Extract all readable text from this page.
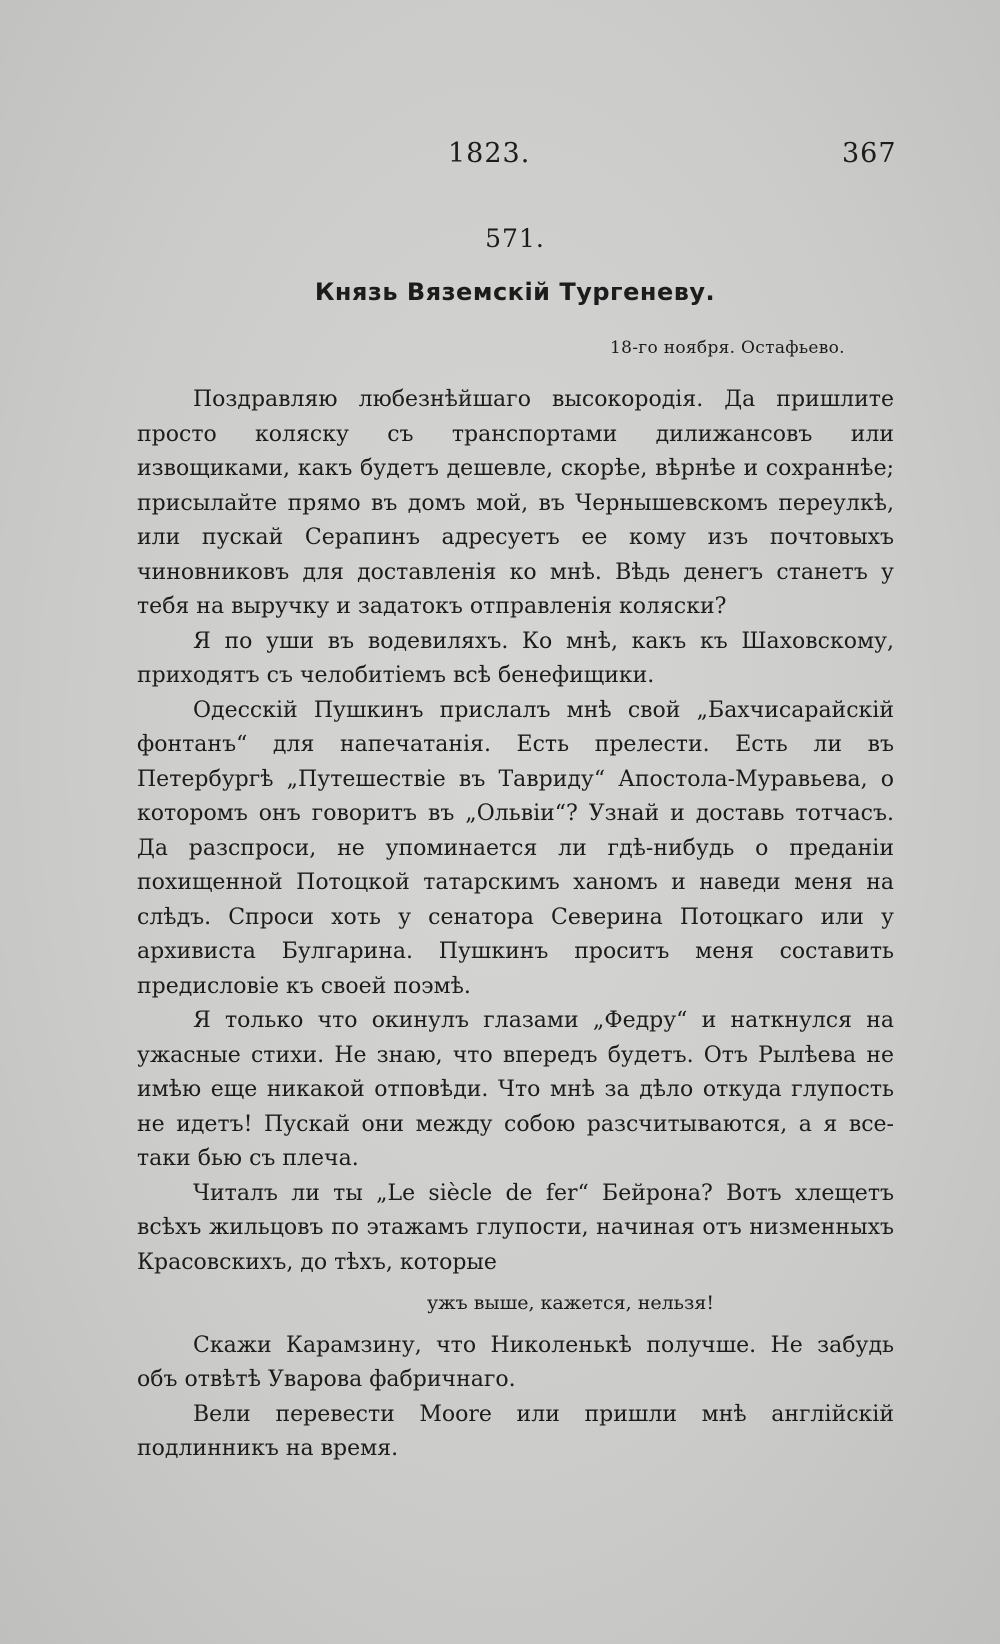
1823.	367
571.
Князь Вяземскій Тургеневу.
18-го ноября. Остафьево.

Поздравляю любезнѣйшаго высокородія. Да пришлите просто коляску съ транспортами дилижансовъ или извощиками, какъ будетъ дешевле, скорѣе, вѣрнѣе и сохраннѣе; присылайте прямо въ домъ мой, въ Чернышевскомъ переулкѣ, или пускай Серапинъ адресуетъ ее кому изъ почтовыхъ чиновниковъ для доставленія ко мнѣ. Вѣдь денегъ станетъ у тебя на выручку и задатокъ отправленія коляски?

Я по уши въ водевиляхъ. Ко мнѣ, какъ къ Шаховскому, приходятъ съ челобитіемъ всѣ бенефищики.

Одесскій Пушкинъ прислалъ мнѣ свой „Бахчисарайскій фонтанъ“ для напечатанія. Есть прелести. Есть ли въ Петербургѣ „Путешествіе въ Тавриду“ Апостола-Муравьева, о которомъ онъ говоритъ въ „Ольвіи“? Узнай и доставь тотчасъ. Да разспроси, не упоминается ли гдѣ-нибудь о преданіи похищенной Потоцкой татарскимъ ханомъ и наведи меня на слѣдъ. Спроси хоть у сенатора Северина Потоцкаго или у архивиста Булгарина. Пушкинъ проситъ меня составить предисловіе къ своей поэмѣ.

Я только что окинулъ глазами „Федру“ и наткнулся на ужасные стихи. Не знаю, что впередъ будетъ. Отъ Рылѣева не имѣю еще никакой отповѣди. Что мнѣ за дѣло откуда глупость не идетъ! Пускай они между собою разсчитываются, а я все-таки бью съ плеча.

Читалъ ли ты „Le siècle de fer“ Бейрона? Вотъ хлещетъ всѣхъ жильцовъ по этажамъ глупости, начиная отъ низменныхъ Красовскихъ, до тѣхъ, которые

ужъ выше, кажется, нельзя!

Скажи Карамзину, что Николенькѣ получше. Не забудь объ отвѣтѣ Уварова фабричнаго.

Вели перевести Moore или пришли мнѣ англійскій подлинникъ на время.
